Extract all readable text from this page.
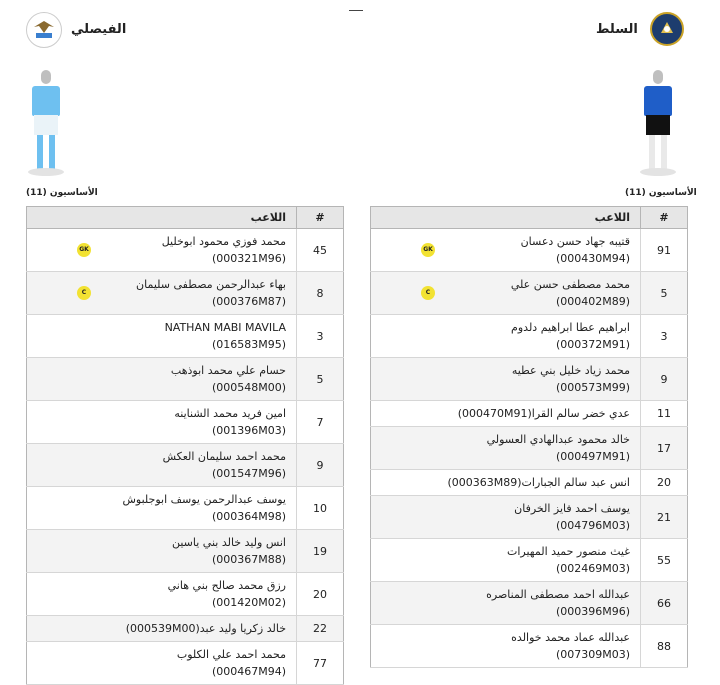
الفيصلي
الأساسيون (11)
اللاعب	#

محمد فوزي محمود ابوخليل
(000321M96)
GK	45

بهاء عبدالرحمن مصطفى سليمان
(000376M87)
C	8

NATHAN MABI MAVILA
(016583M95)	3

حسام علي محمد ابوذهب
(000548M00)	5

امين فريد محمد الشناينه
(001396M03)	7

محمد احمد سليمان العكش
(001547M96)	9

يوسف عبدالرحمن يوسف ابوجلبوش
(000364M98)	10

انس وليد خالد بني ياسين
(000367M88)	19

رزق محمد صالح بني هاني
(001420M02)	20

خالد زكريا وليد عبد(000539M00)	22

محمد احمد علي الكلوب
(000467M94)	77
السلط
الأساسيون (11)
اللاعب	#

قتيبه جهاد حسن دعسان
(000430M94)
GK	91

محمد مصطفى حسن علي
(000402M89)
C	5

ابراهيم عطا ابراهيم دلدوم
(000372M91)	3

محمد زياد خليل بني عطيه
(000573M99)	9

عدي خضر سالم القرا(000470M91)	11

خالد محمود عبدالهادي العسولي
(000497M91)	17

انس عبد سالم الجبارات(000363M89)	20

يوسف احمد فايز الخرفان
(004796M03)	21

غيث منصور حميد المهيرات
(002469M03)	55

عبدالله احمد مصطفى المناصره
(000396M96)	66

عبدالله عماد محمد خوالده
(007309M03)	88
